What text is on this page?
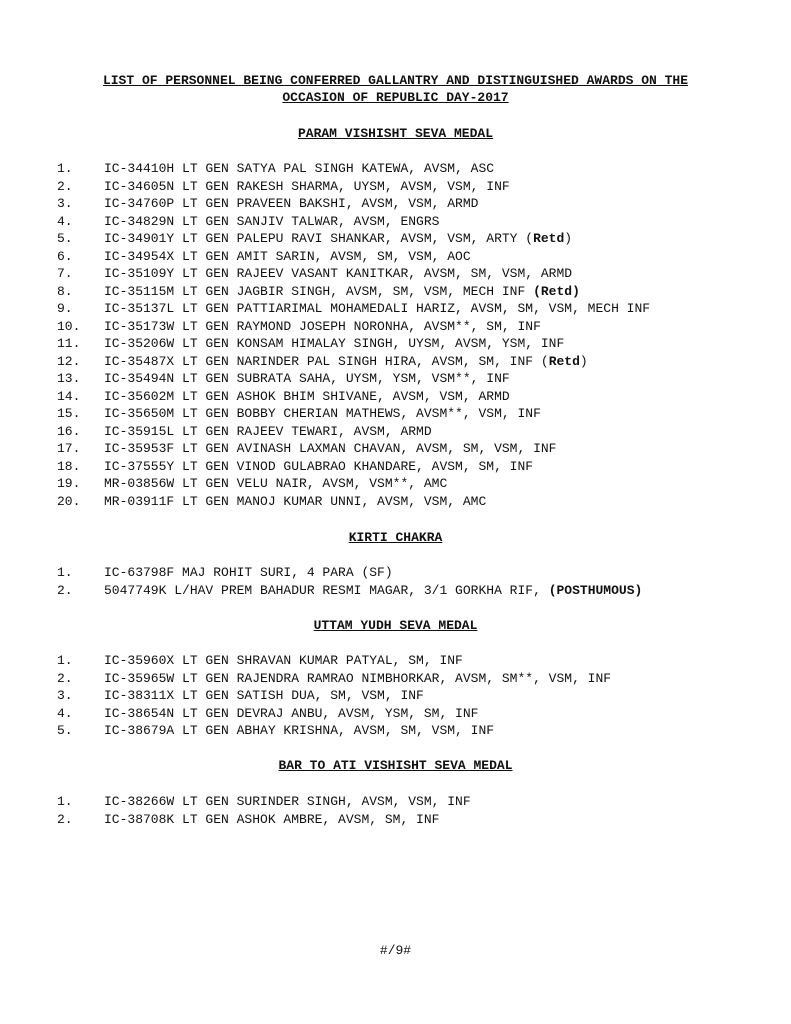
LIST OF PERSONNEL BEING CONFERRED GALLANTRY AND DISTINGUISHED AWARDS ON THE
OCCASION OF REPUBLIC DAY-2017
PARAM VISHISHT SEVA MEDAL
1. IC-34410H LT GEN SATYA PAL SINGH KATEWA, AVSM, ASC
2. IC-34605N LT GEN RAKESH SHARMA, UYSM, AVSM, VSM, INF
3. IC-34760P LT GEN PRAVEEN BAKSHI, AVSM, VSM, ARMD
4. IC-34829N LT GEN SANJIV TALWAR, AVSM, ENGRS
5. IC-34901Y LT GEN PALEPU RAVI SHANKAR, AVSM, VSM, ARTY (Retd)
6. IC-34954X LT GEN AMIT SARIN, AVSM, SM, VSM, AOC
7. IC-35109Y LT GEN RAJEEV VASANT KANITKAR, AVSM, SM, VSM, ARMD
8. IC-35115M LT GEN JAGBIR SINGH, AVSM, SM, VSM, MECH INF (Retd)
9. IC-35137L LT GEN PATTIARIMAL MOHAMEDALI HARIZ, AVSM, SM, VSM, MECH INF
10. IC-35173W LT GEN RAYMOND JOSEPH NORONHA, AVSM**, SM, INF
11. IC-35206W LT GEN KONSAM HIMALAY SINGH, UYSM, AVSM, YSM, INF
12. IC-35487X LT GEN NARINDER PAL SINGH HIRA, AVSM, SM, INF (Retd)
13. IC-35494N LT GEN SUBRATA SAHA, UYSM, YSM, VSM**, INF
14. IC-35602M LT GEN ASHOK BHIM SHIVANE, AVSM, VSM, ARMD
15. IC-35650M LT GEN BOBBY CHERIAN MATHEWS, AVSM**, VSM, INF
16. IC-35915L LT GEN RAJEEV TEWARI, AVSM, ARMD
17. IC-35953F LT GEN AVINASH LAXMAN CHAVAN, AVSM, SM, VSM, INF
18. IC-37555Y LT GEN VINOD GULABRAO KHANDARE, AVSM, SM, INF
19. MR-03856W LT GEN VELU NAIR, AVSM, VSM**, AMC
20. MR-03911F LT GEN MANOJ KUMAR UNNI, AVSM, VSM, AMC
KIRTI CHAKRA
1. IC-63798F MAJ ROHIT SURI, 4 PARA (SF)
2. 5047749K L/HAV PREM BAHADUR RESMI MAGAR, 3/1 GORKHA RIF, (POSTHUMOUS)
UTTAM YUDH SEVA MEDAL
1. IC-35960X LT GEN SHRAVAN KUMAR PATYAL, SM, INF
2. IC-35965W LT GEN RAJENDRA RAMRAO NIMBHORKAR, AVSM, SM**, VSM, INF
3. IC-38311X LT GEN SATISH DUA, SM, VSM, INF
4. IC-38654N LT GEN DEVRAJ ANBU, AVSM, YSM, SM, INF
5. IC-38679A LT GEN ABHAY KRISHNA, AVSM, SM, VSM, INF
BAR TO ATI VISHISHT SEVA MEDAL
1. IC-38266W LT GEN SURINDER SINGH, AVSM, VSM, INF
2. IC-38708K LT GEN ASHOK AMBRE, AVSM, SM, INF
#/9#
